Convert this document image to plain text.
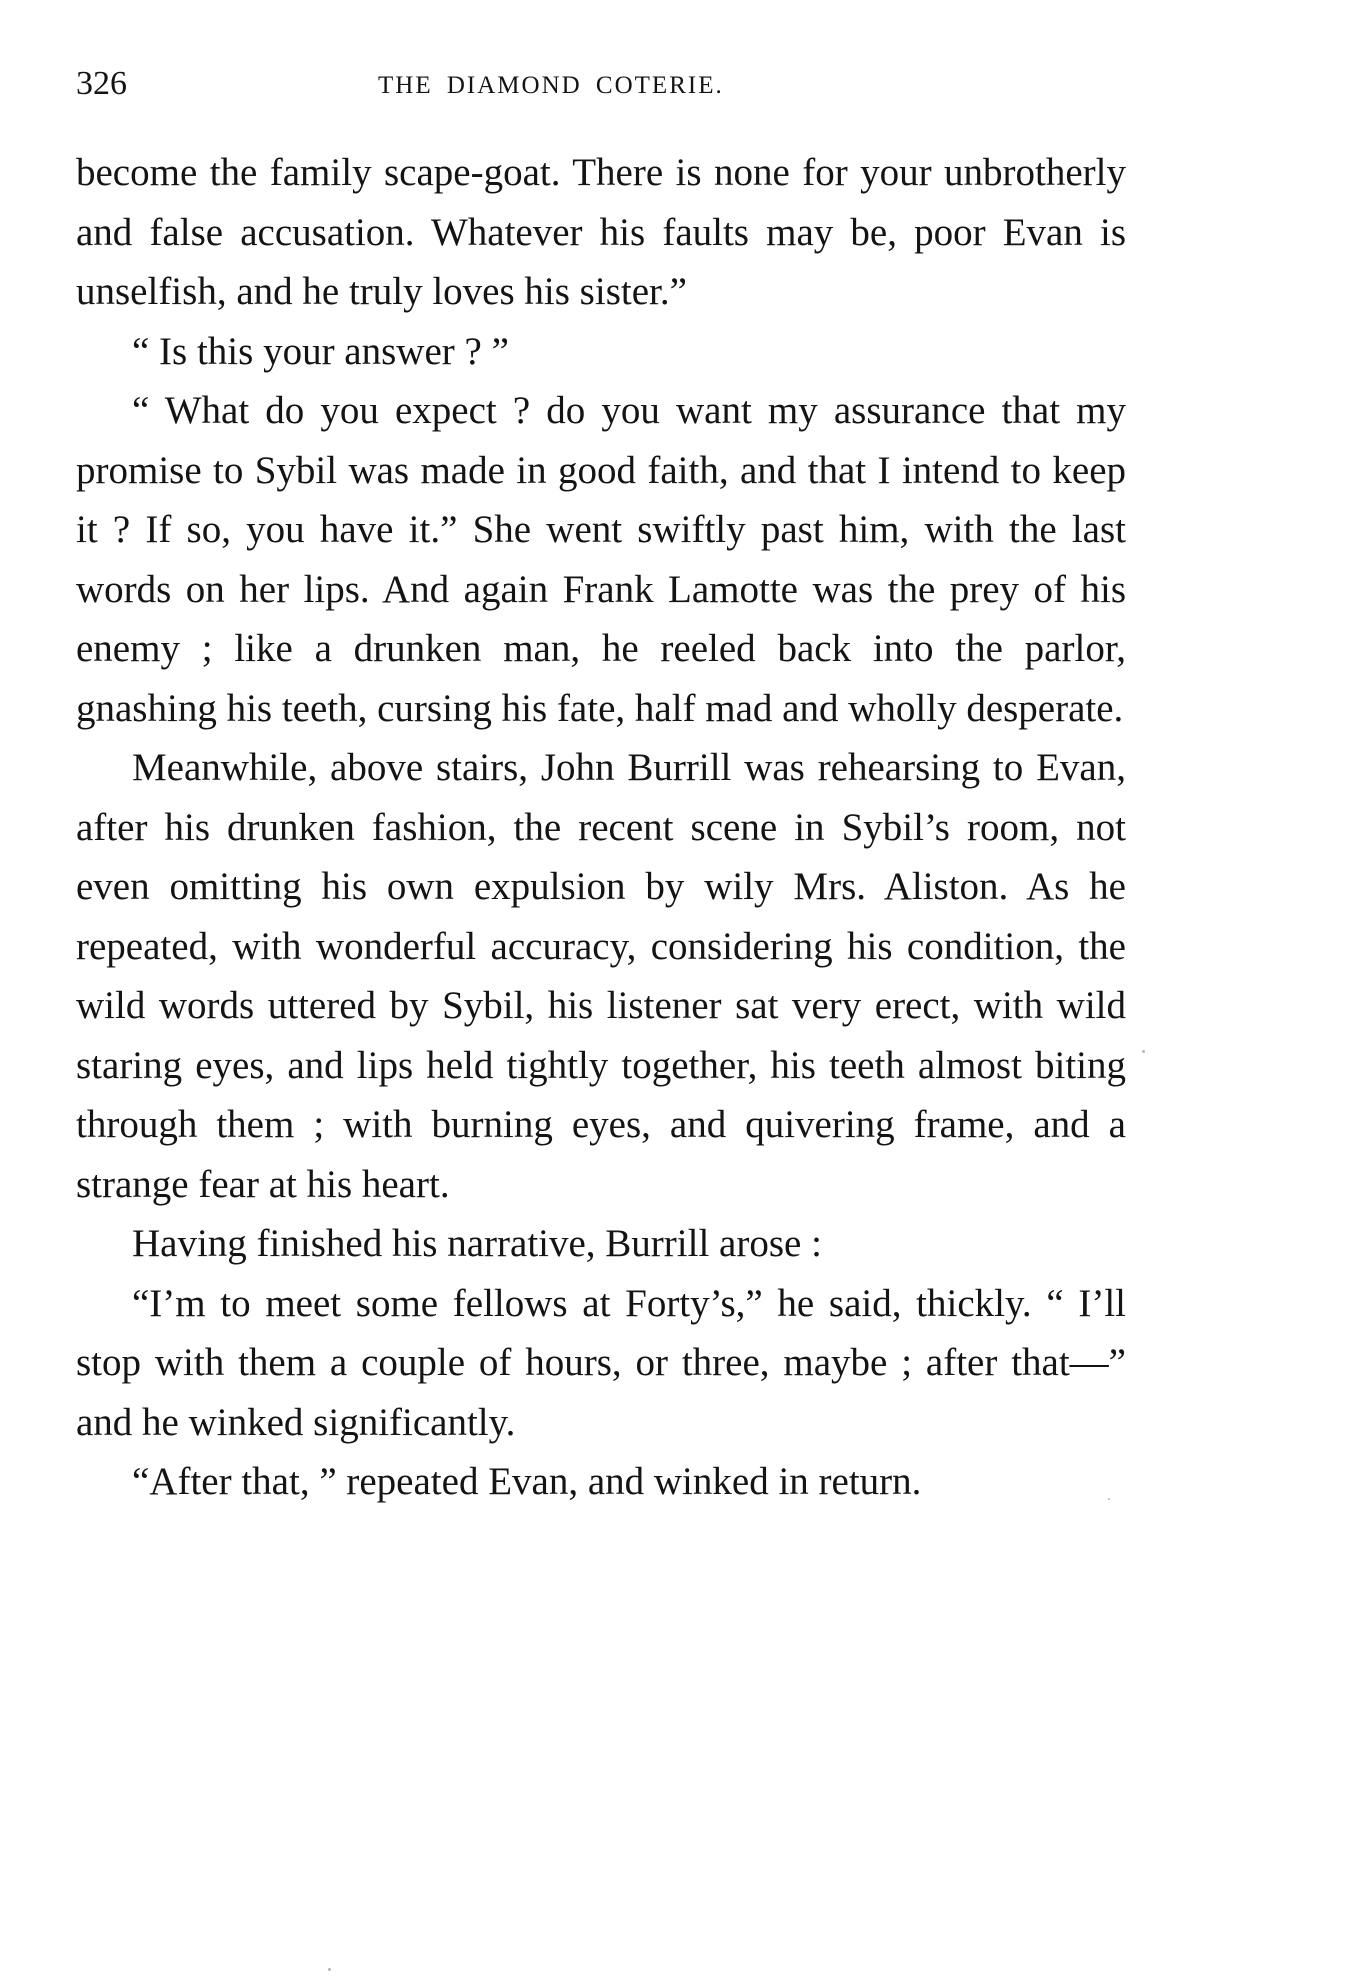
326	THE DIAMOND COTERIE.

become the family scape-goat. There is none for your unbrotherly and false accusation. Whatever his faults may be, poor Evan is unselfish, and he truly loves his sister.”

“ Is this your answer ? ”

“ What do you expect ? do you want my assurance that my promise to Sybil was made in good faith, and that I intend to keep it ? If so, you have it.” She went swiftly past him, with the last words on her lips. And again Frank Lamotte was the prey of his enemy ; like a drunken man, he reeled back into the parlor, gnashing his teeth, cursing his fate, half mad and wholly desperate.

Meanwhile, above stairs, John Burrill was rehearsing to Evan, after his drunken fashion, the recent scene in Sybil’s room, not even omitting his own expulsion by wily Mrs. Aliston. As he repeated, with wonderful accuracy, considering his condition, the wild words uttered by Sybil, his listener sat very erect, with wild staring eyes, and lips held tightly together, his teeth almost biting through them ; with burning eyes, and quivering frame, and a strange fear at his heart.

Having finished his narrative, Burrill arose :

“I’m to meet some fellows at Forty’s,” he said, thickly. “ I’ll stop with them a couple of hours, or three, maybe ; after that—” and he winked significantly.

“After that, ” repeated Evan, and winked in return.
